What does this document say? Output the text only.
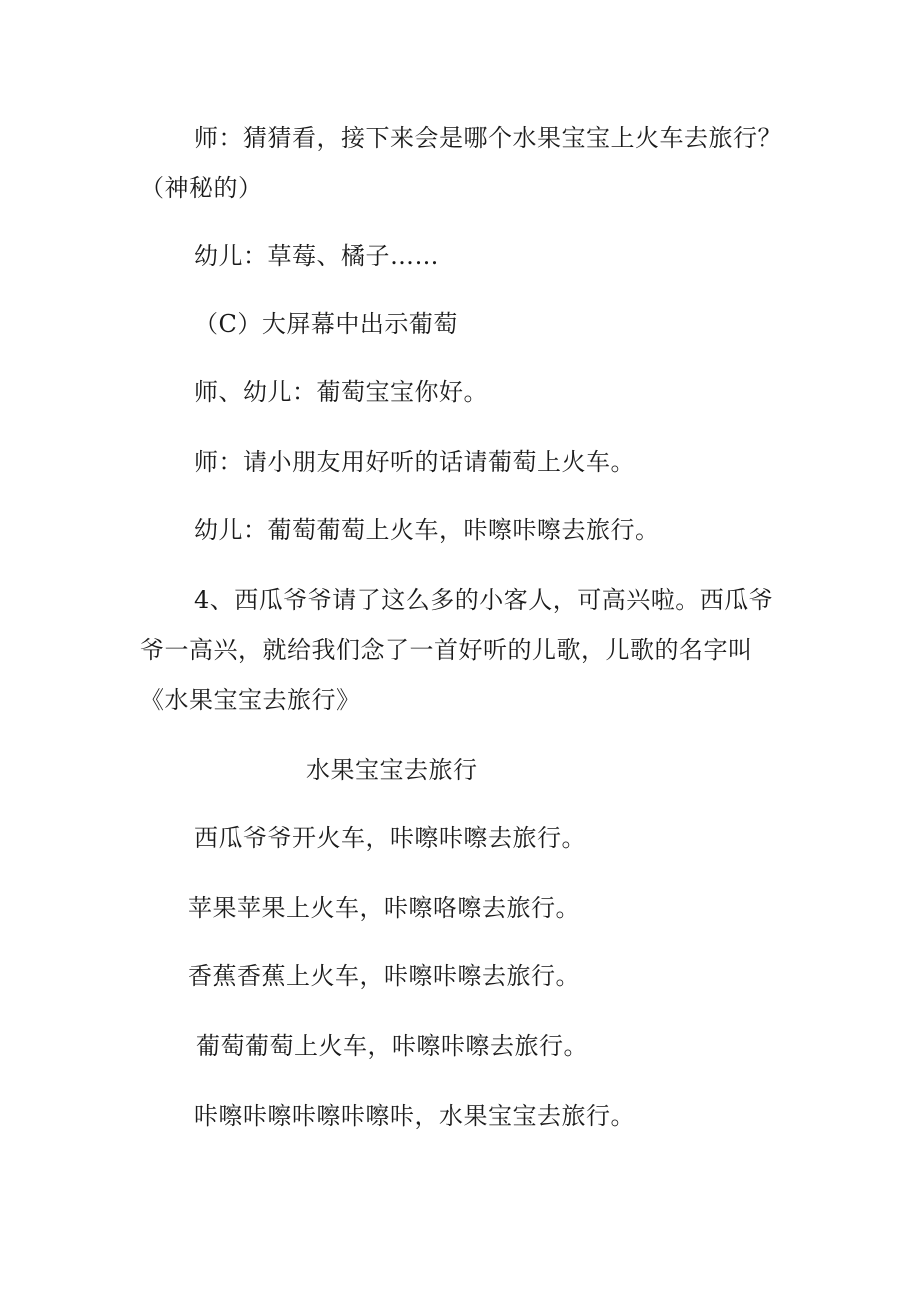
师：猜猜看，接下来会是哪个水果宝宝上火车去旅行？
（神秘的）
幼儿：草莓、橘子……
（C）大屏幕中出示葡萄
师、幼儿：葡萄宝宝你好。
师：请小朋友用好听的话请葡萄上火车。
幼儿：葡萄葡萄上火车，咔嚓咔嚓去旅行。
4、西瓜爷爷请了这么多的小客人，可高兴啦。西瓜爷
爷一高兴，就给我们念了一首好听的儿歌，儿歌的名字叫
《水果宝宝去旅行》
水果宝宝去旅行
西瓜爷爷开火车，咔嚓咔嚓去旅行。
苹果苹果上火车，咔嚓咯嚓去旅行。
香蕉香蕉上火车，咔嚓咔嚓去旅行。
葡萄葡萄上火车，咔嚓咔嚓去旅行。
咔嚓咔嚓咔嚓咔嚓咔，水果宝宝去旅行。
